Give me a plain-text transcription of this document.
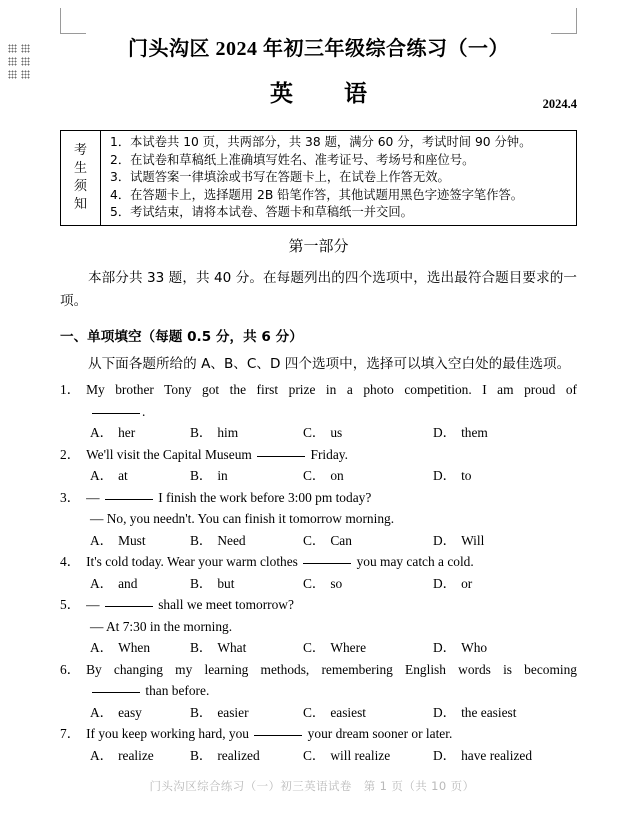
门头沟区 2024 年初三年级综合练习（一）
英　语	2024.4
考
生
须
知
1．本试卷共 10 页，共两部分，共 38 题，满分 60 分，考试时间 90 分钟。
2．在试卷和草稿纸上准确填写姓名、准考证号、考场号和座位号。
3．试题答案一律填涂或书写在答题卡上，在试卷上作答无效。
4．在答题卡上，选择题用 2B 铅笔作答，其他试题用黑色字迹签字笔作答。
5．考试结束，请将本试卷、答题卡和草稿纸一并交回。
第一部分
本部分共 33 题，共 40 分。在每题列出的四个选项中，选出最符合题目要求的一项。
一、单项填空（每题 0.5 分，共 6 分）
从下面各题所给的 A、B、C、D 四个选项中，选择可以填入空白处的最佳选项。
1． My brother Tony got the first prize in a photo competition. I am proud of
.
A． her	B． him	C． us	D． them
2． We'll visit the Capital Museum	Friday.
A． at	B． in	C． on	D． to
3． —	I finish the work before 3:00 pm today?
— No, you needn't. You can finish it tomorrow morning.
A． Must	B． Need	C． Can	D． Will
4． It's cold today. Wear your warm clothes	you may catch a cold.
A． and	B． but	C． so	D． or
5． —	shall we meet tomorrow?
— At 7:30 in the morning.
A． When	B． What	C． Where	D． Who
6． By changing my learning methods, remembering English words is becoming
than before.
A． easy	B． easier	C． easiest	D． the easiest
7． If you keep working hard, you	your dream sooner or later.
A． realize	B． realized	C． will realize	D． have realized
门头沟区综合练习（一）初三英语试卷　第 1 页（共 10 页）
